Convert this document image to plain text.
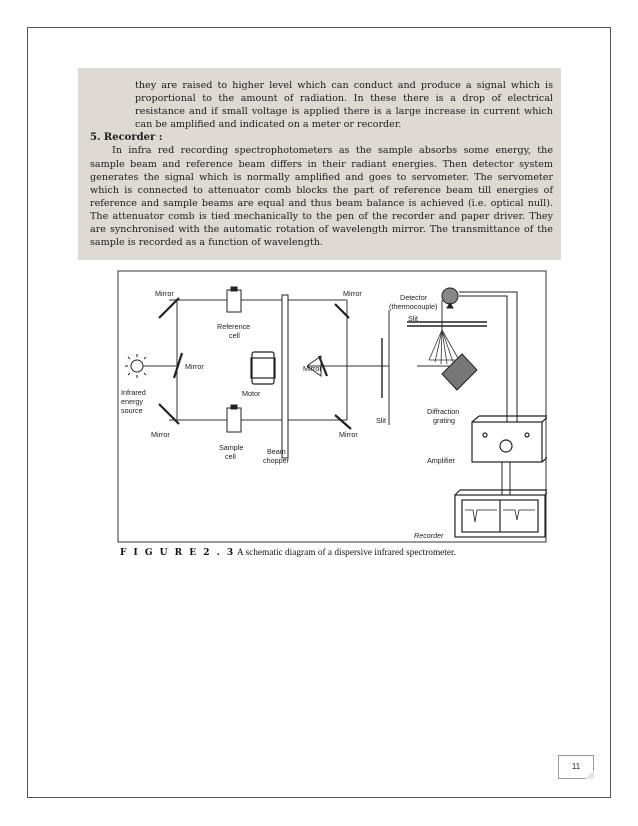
they are raised to higher level which can conduct and produce a signal which is proportional to the amount of radiation. In these there is a drop of electrical resistance and if small voltage is applied there is a large increase in current which can be amplified and indicated on a meter or recorder.

5. Recorder :

In infra red recording spectrophotometers as the sample absorbs some energy, the sample beam and reference beam differs in their radiant energies. Then detector system generates the signal which is normally amplified and goes to servometer. The servometer which is connected to attenuator comb blocks the part of reference beam till energies of reference and sample beams are equal and thus beam balance is achieved (i.e. optical null). The attenuator comb is tied mechanically to the pen of the recorder and paper driver. They are synchronised with the automatic rotation of wavelength mirror. The transmittance of the sample is recorded as a function of wavelength.

Mirror	Mirror	Detector
(thermocouple)
Slit
Reference
cell
Mirror	Mirror
Motor
Infrared
energy
source
Slit
Diffraction
grating
Mirror	Mirror
Sample
cell
Beam
chopper	Amplifier
Recorder
F I G U R E 2 . 3 A schematic diagram of a dispersive infrared spectrometer.
11
